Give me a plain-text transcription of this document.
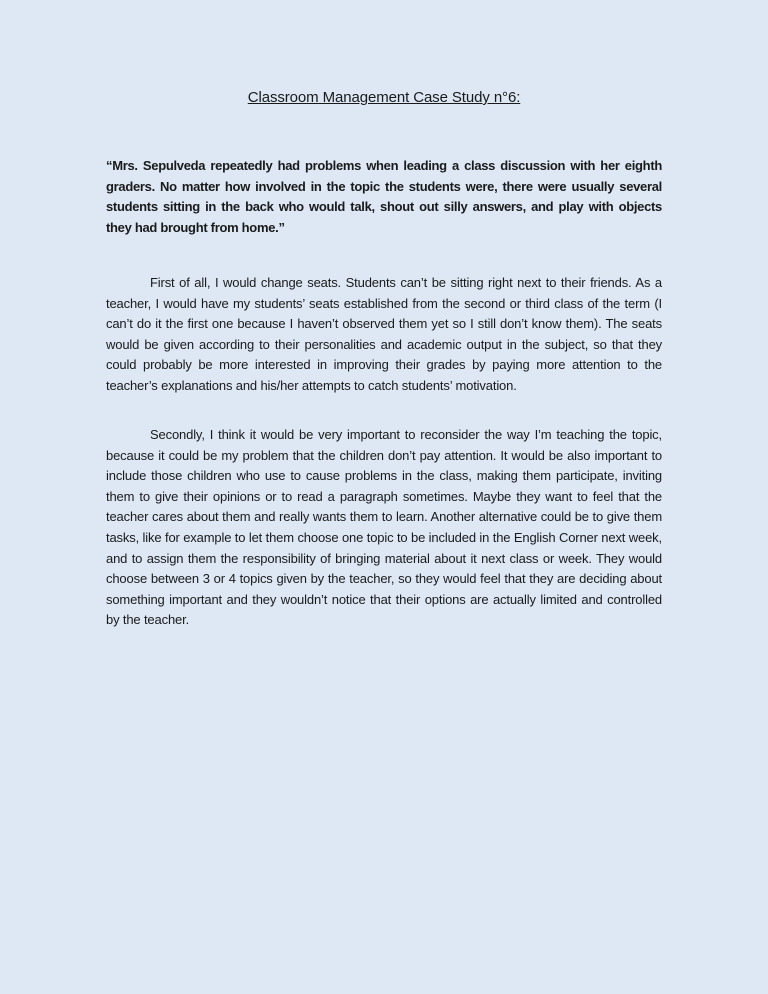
Classroom Management Case Study n°6:
“Mrs. Sepulveda repeatedly had problems when leading a class discussion with her eighth graders. No matter how involved in the topic the students were, there were usually several students sitting in the back who would talk, shout out silly answers, and play with objects they had brought from home.”

First of all, I would change seats. Students can’t be sitting right next to their friends. As a teacher, I would have my students’ seats established from the second or third class of the term (I can’t do it the first one because I haven’t observed them yet so I still don’t know them). The seats would be given according to their personalities and academic output in the subject, so that they could probably be more interested in improving their grades by paying more attention to the teacher’s explanations and his/her attempts to catch students’ motivation.

Secondly, I think it would be very important to reconsider the way I’m teaching the topic, because it could be my problem that the children don’t pay attention. It would be also important to include those children who use to cause problems in the class, making them participate, inviting them to give their opinions or to read a paragraph sometimes. Maybe they want to feel that the teacher cares about them and really wants them to learn. Another alternative could be to give them tasks, like for example to let them choose one topic to be included in the English Corner next week, and to assign them the responsibility of bringing material about it next class or week. They would choose between 3 or 4 topics given by the teacher, so they would feel that they are deciding about something important and they wouldn’t notice that their options are actually limited and controlled by the teacher.
